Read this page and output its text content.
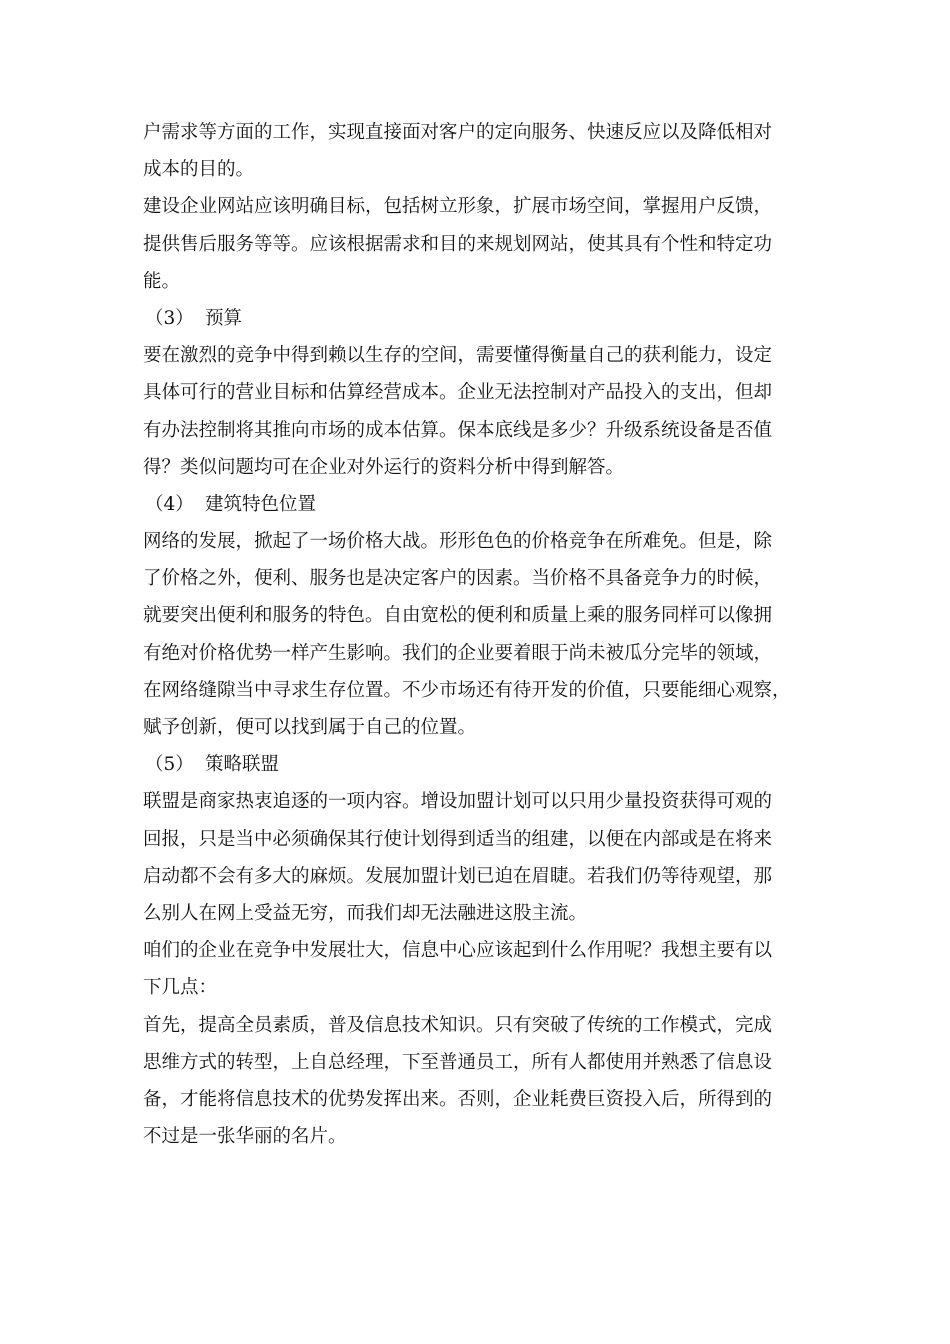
户需求等方面的工作，实现直接面对客户的定向服务、快速反应以及降低相对
成本的目的。
建设企业网站应该明确目标，包括树立形象，扩展市场空间，掌握用户反馈，
提供售后服务等等。应该根据需求和目的来规划网站，使其具有个性和特定功
能。
（3） 预算
要在激烈的竞争中得到赖以生存的空间，需要懂得衡量自己的获利能力，设定
具体可行的营业目标和估算经营成本。企业无法控制对产品投入的支出，但却
有办法控制将其推向市场的成本估算。保本底线是多少？升级系统设备是否值
得？类似问题均可在企业对外运行的资料分析中得到解答。
（4） 建筑特色位置
网络的发展，掀起了一场价格大战。形形色色的价格竞争在所难免。但是，除
了价格之外，便利、服务也是决定客户的因素。当价格不具备竞争力的时候，
就要突出便利和服务的特色。自由宽松的便利和质量上乘的服务同样可以像拥
有绝对价格优势一样产生影响。我们的企业要着眼于尚未被瓜分完毕的领域，
在网络缝隙当中寻求生存位置。不少市场还有待开发的价值，只要能细心观察，
赋予创新，便可以找到属于自己的位置。
（5） 策略联盟
联盟是商家热衷追逐的一项内容。增设加盟计划可以只用少量投资获得可观的
回报，只是当中必须确保其行使计划得到适当的组建，以便在内部或是在将来
启动都不会有多大的麻烦。发展加盟计划已迫在眉睫。若我们仍等待观望，那
么别人在网上受益无穷，而我们却无法融进这股主流。
咱们的企业在竞争中发展壮大，信息中心应该起到什么作用呢？我想主要有以
下几点：
首先，提高全员素质，普及信息技术知识。只有突破了传统的工作模式，完成
思维方式的转型，上自总经理，下至普通员工，所有人都使用并熟悉了信息设
备，才能将信息技术的优势发挥出来。否则，企业耗费巨资投入后，所得到的
不过是一张华丽的名片。
